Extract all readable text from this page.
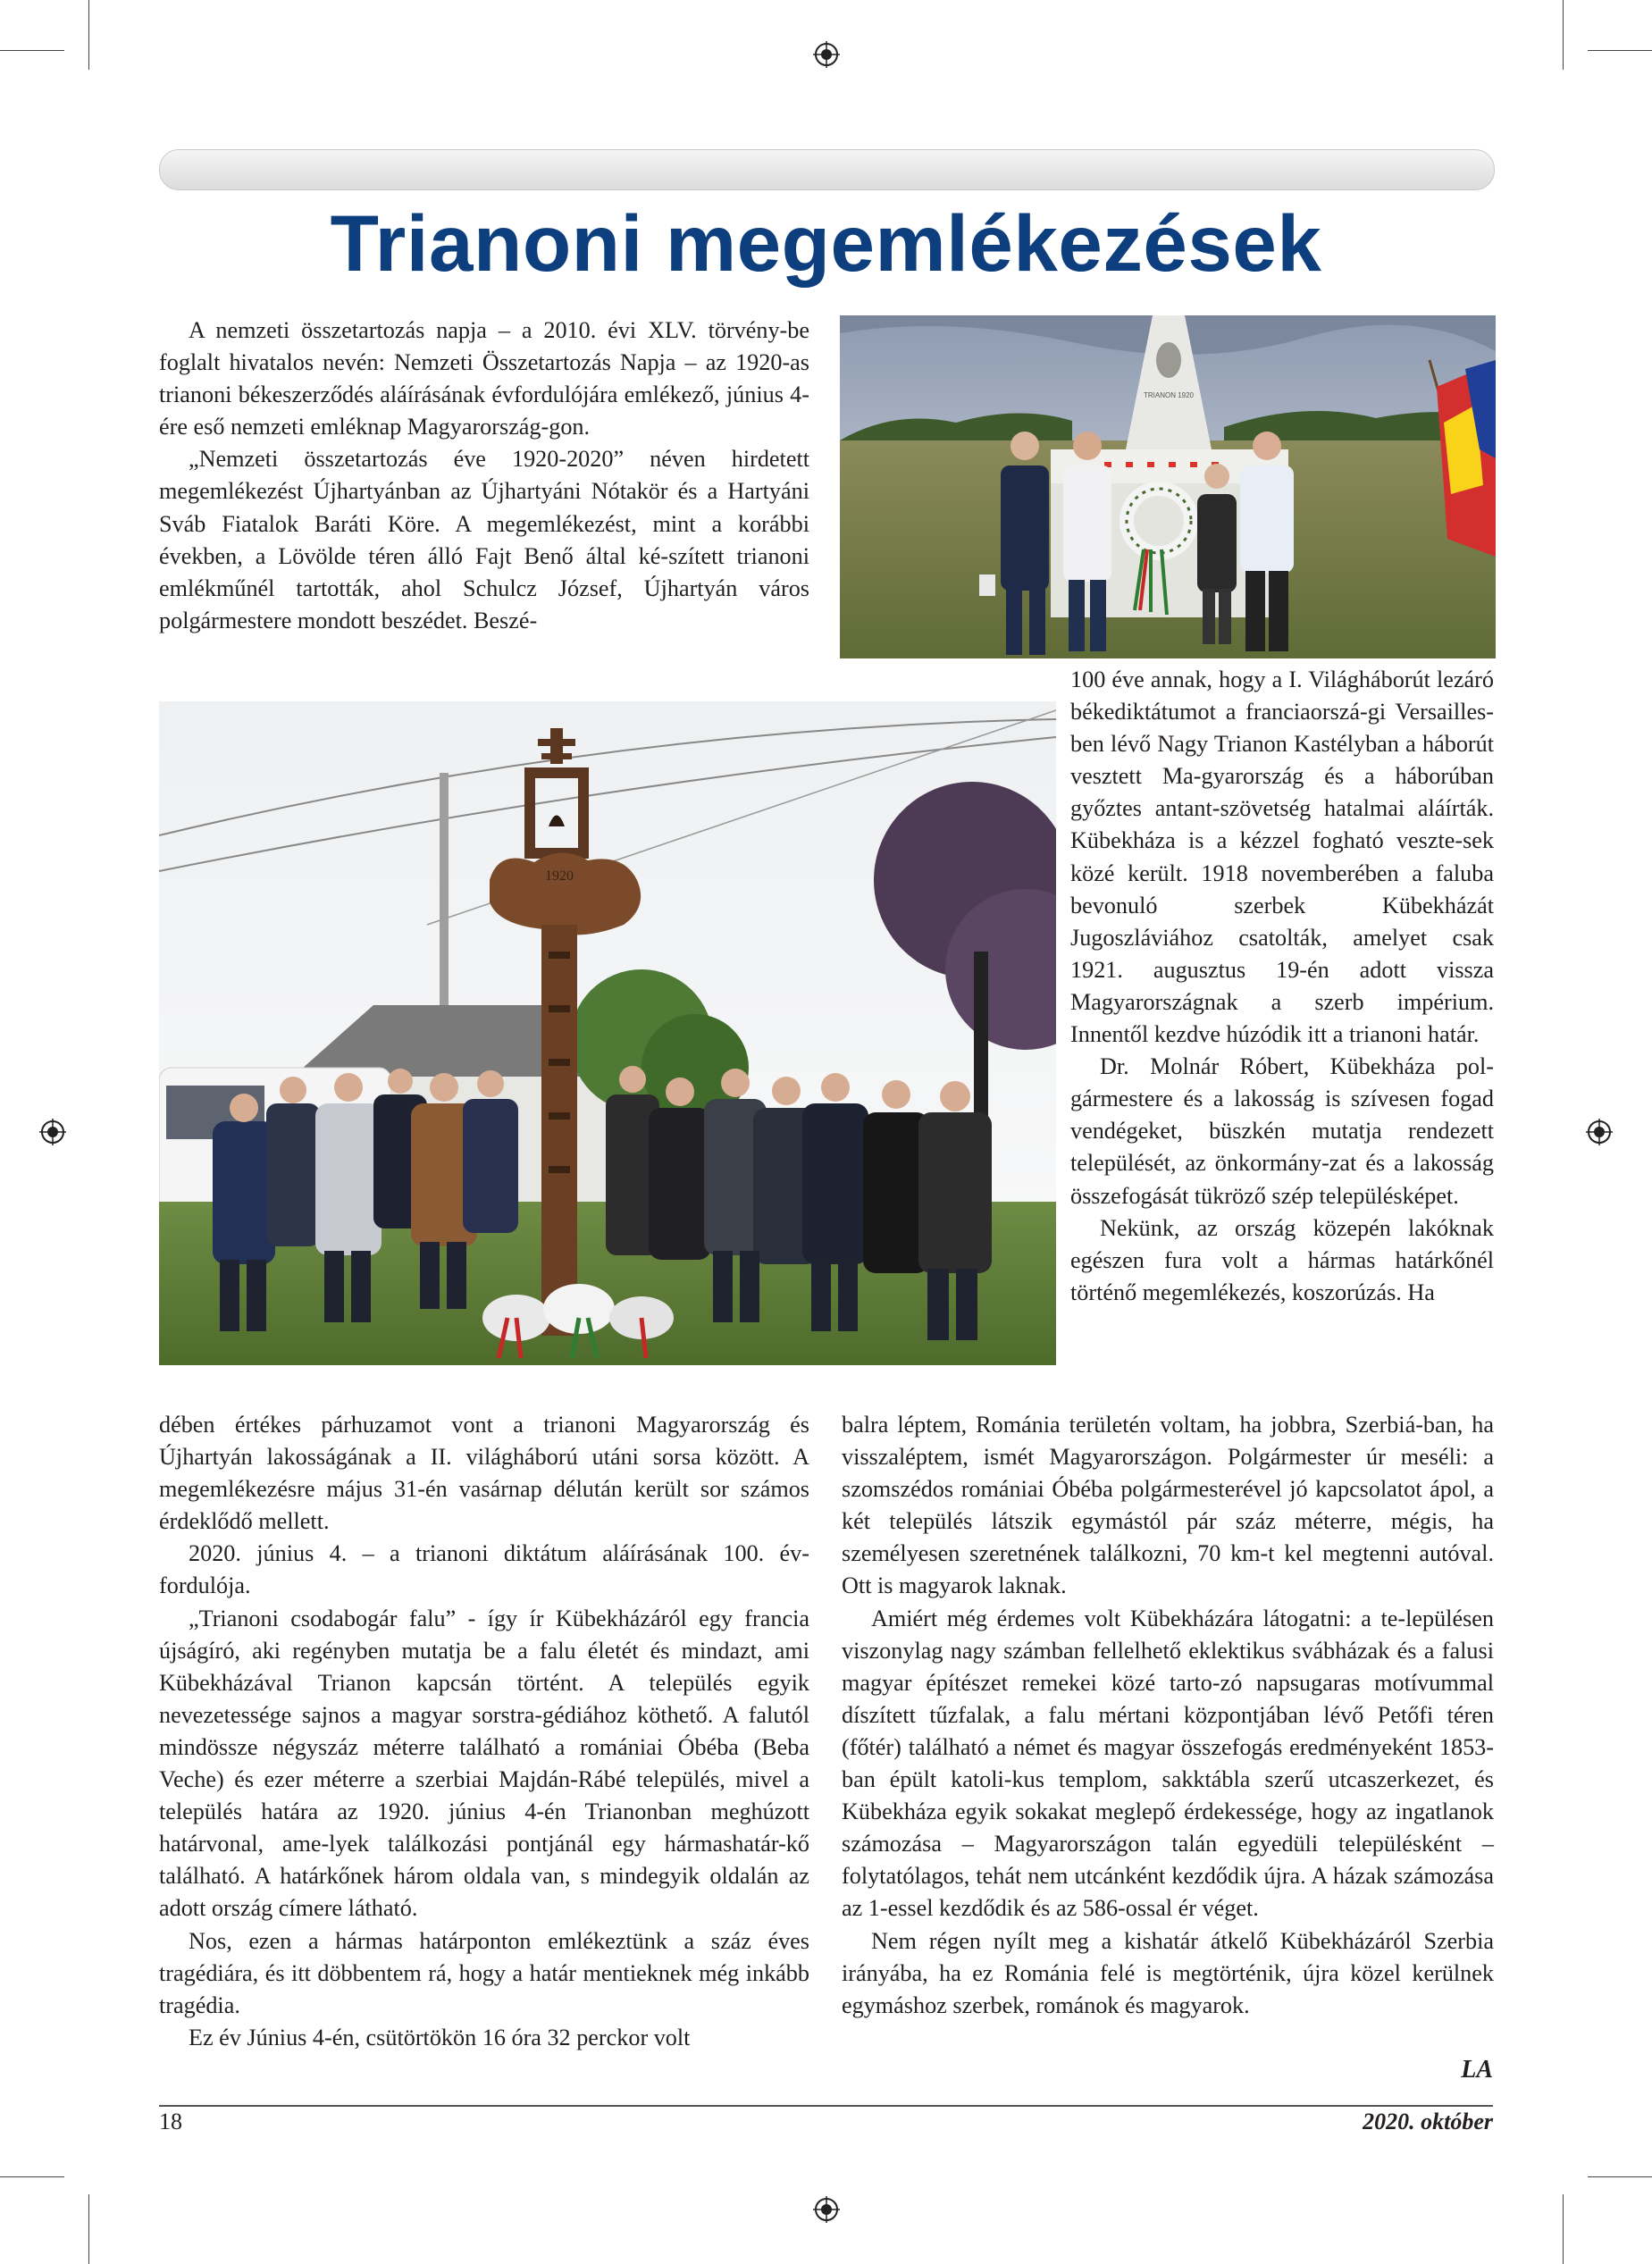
Trianoni megemlékezések

A nemzeti összetartozás napja – a 2010. évi XLV. törvény-be foglalt hivatalos nevén: Nemzeti Összetartozás Napja – az 1920-as trianoni békeszerződés aláírásának évfordulójára emlékező, június 4-ére eső nemzeti emléknap Magyarország-gon.

„Nemzeti összetartozás éve 1920-2020” néven hirdetett megemlékezést Újhartyánban az Újhartyáni Nótakör és a Hartyáni Sváb Fiatalok Baráti Köre. A megemlékezést, mint a korábbi években, a Lövölde téren álló Fajt Benő által ké-szített trianoni emlékműnél tartották, ahol Schulcz József, Újhartyán város polgármestere mondott beszédet. Beszé-

TRIANON 1920
1920

100 éve annak, hogy a I. Világháborút lezáró békediktátumot a franciaorszá-gi Versailles-ben lévő Nagy Trianon Kastélyban a háborút vesztett Ma-gyarország és a háborúban győztes antant-szövetség hatalmai aláírták. Kübekháza is a kézzel fogható veszte-sek közé került. 1918 novemberében a faluba bevonuló szerbek Kübekházát Jugoszláviához csatolták, amelyet csak 1921. augusztus 19-én adott vissza Magyarországnak a szerb impérium. Innentől kezdve húzódik itt a trianoni határ.

Dr. Molnár Róbert, Kübekháza pol-gármestere és a lakosság is szívesen fogad vendégeket, büszkén mutatja rendezett települését, az önkormány-zat és a lakosság összefogását tükröző szép településképet.

Nekünk, az ország közepén lakóknak egészen fura volt a hármas határkőnél történő megemlékezés, koszorúzás. Ha

dében értékes párhuzamot vont a trianoni Magyarország és Újhartyán lakosságának a II. világháború utáni sorsa között. A megemlékezésre május 31-én vasárnap délután került sor számos érdeklődő mellett.

2020. június 4. – a trianoni diktátum aláírásának 100. év-fordulója.

„Trianoni csodabogár falu” - így ír Kübekházáról egy francia újságíró, aki regényben mutatja be a falu életét és mindazt, ami Kübekházával Trianon kapcsán történt. A település egyik nevezetessége sajnos a magyar sorstra-gédiához köthető. A falutól mindössze négyszáz méterre található a romániai Óbéba (Beba Veche) és ezer méterre a szerbiai Majdán-Rábé település, mivel a település határa az 1920. június 4-én Trianonban meghúzott határvonal, ame-lyek találkozási pontjánál egy hármashatár-kő található. A határkőnek három oldala van, s mindegyik oldalán az adott ország címere látható.

Nos, ezen a hármas határponton emlékeztünk a száz éves tragédiára, és itt döbbentem rá, hogy a határ mentieknek még inkább tragédia.

Ez év Június 4-én, csütörtökön 16 óra 32 perckor volt

balra léptem, Románia területén voltam, ha jobbra, Szerbiá-ban, ha visszaléptem, ismét Magyarországon. Polgármester úr meséli: a szomszédos romániai Óbéba polgármesterével jó kapcsolatot ápol, a két település látszik egymástól pár száz méterre, mégis, ha személyesen szeretnének találkozni, 70 km-t kel megtenni autóval. Ott is magyarok laknak.

Amiért még érdemes volt Kübekházára látogatni: a te-lepülésen viszonylag nagy számban fellelhető eklektikus svábházak és a falusi magyar építészet remekei közé tarto-zó napsugaras motívummal díszített tűzfalak, a falu mértani központjában lévő Petőfi téren (főtér) található a német és magyar összefogás eredményeként 1853-ban épült katoli-kus templom, sakktábla szerű utcaszerkezet, és Kübekháza egyik sokakat meglepő érdekessége, hogy az ingatlanok számozása – Magyarországon talán egyedüli településként – folytatólagos, tehát nem utcánként kezdődik újra. A házak számozása az 1-essel kezdődik és az 586-ossal ér véget.

Nem régen nyílt meg a kishatár átkelő Kübekházáról Szerbia irányába, ha ez Románia felé is megtörténik, újra közel kerülnek egymáshoz szerbek, románok és magyarok.

LA
18	2020. október
